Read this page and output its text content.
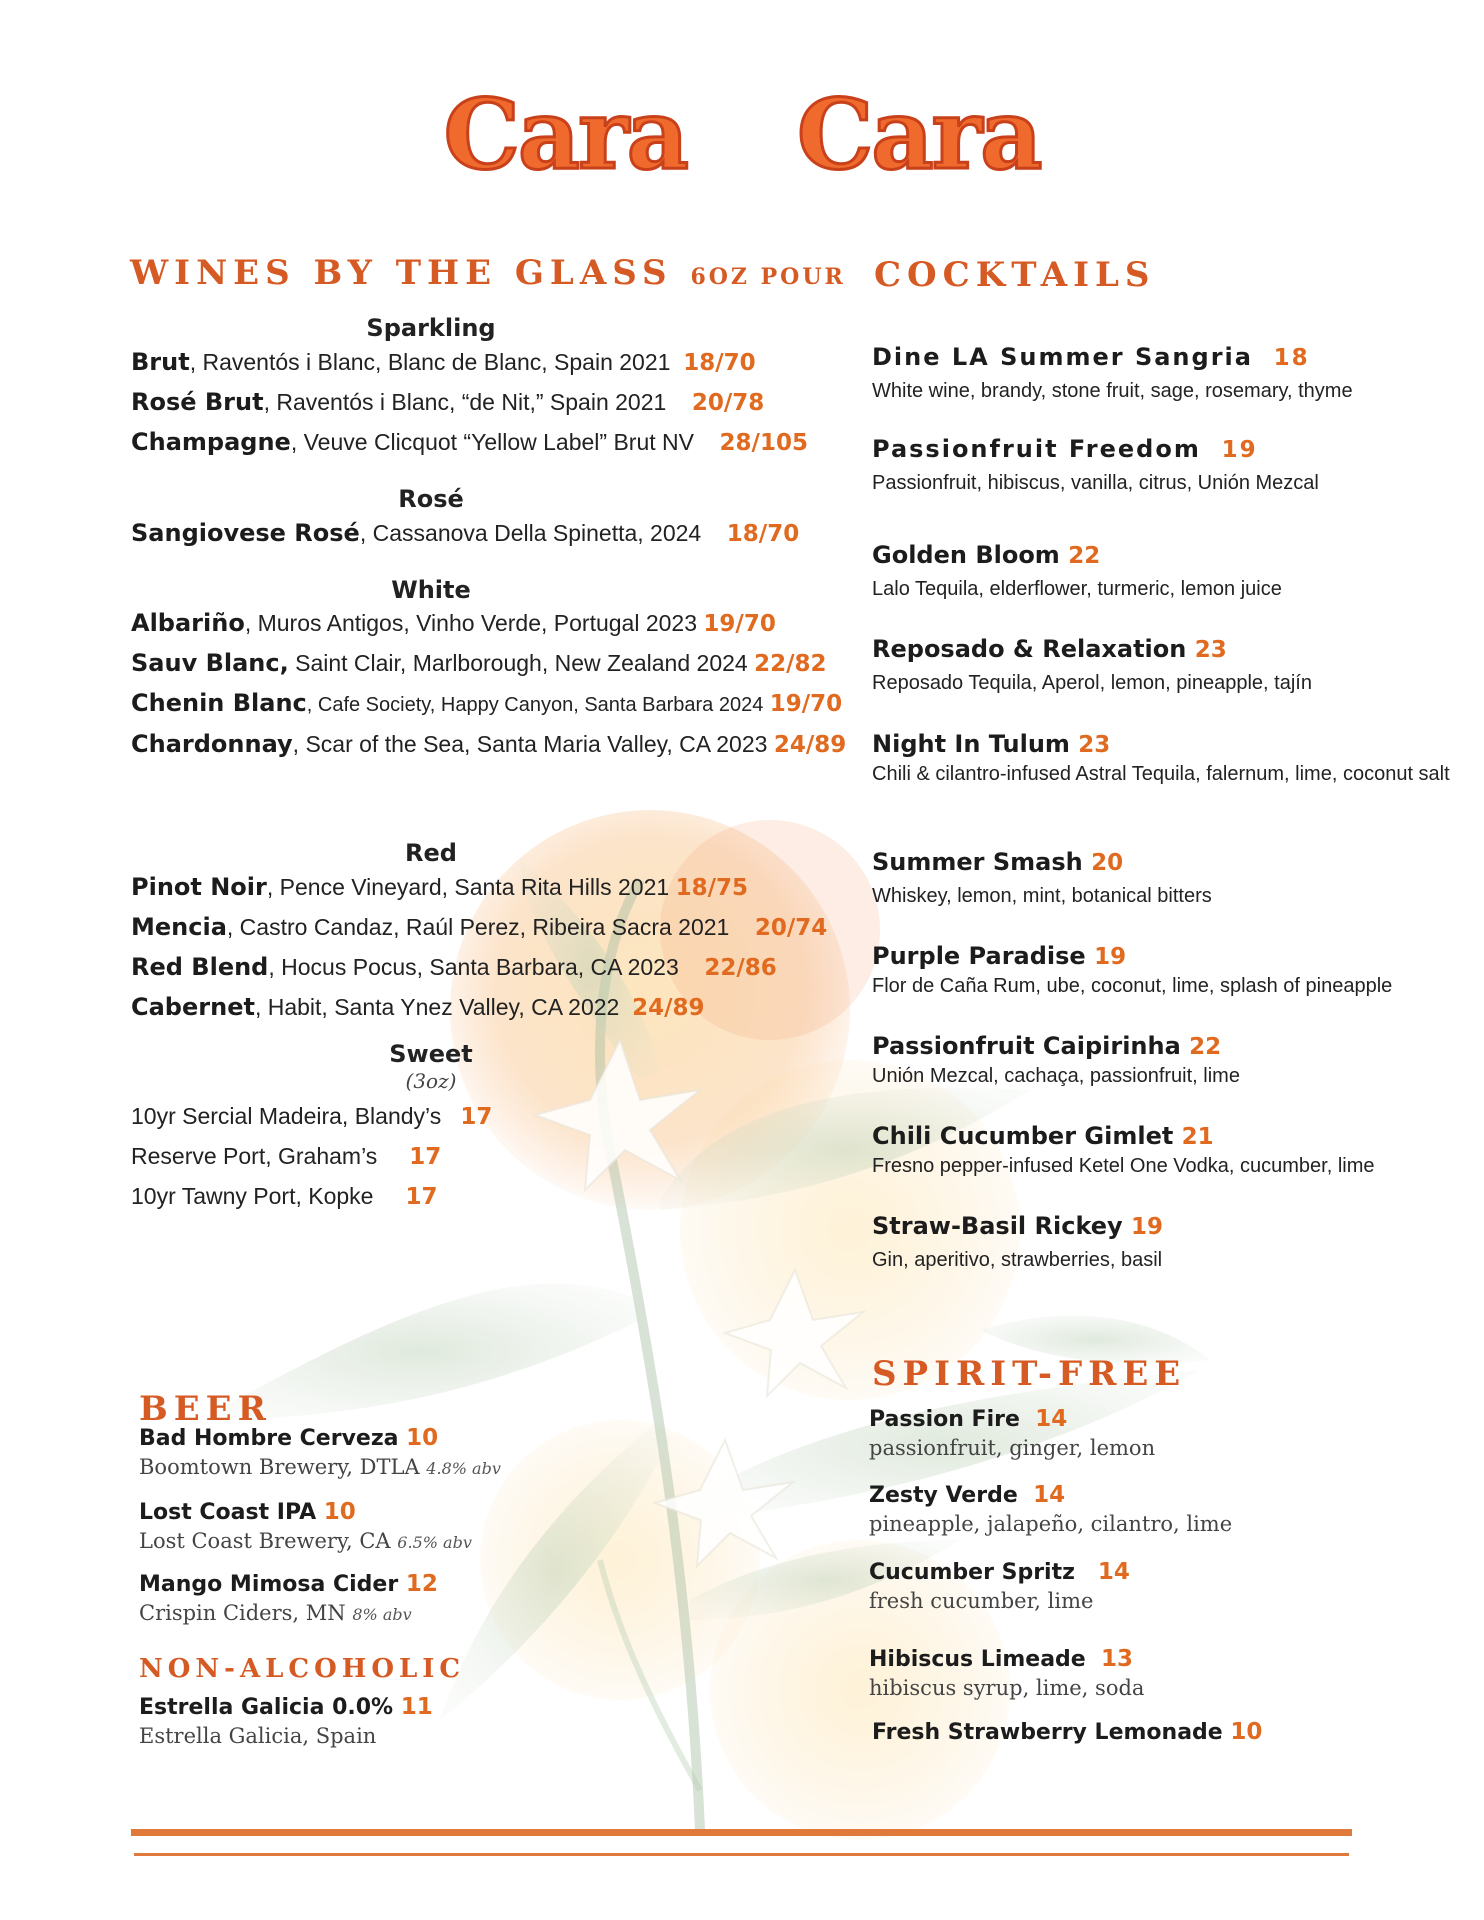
Cara Cara
WINES BY THE GLASS 6OZ POUR
Sparkling
Brut, Raventós i Blanc, Blanc de Blanc, Spain 2021 18/70
Rosé Brut, Raventós i Blanc, “de Nit,” Spain 2021 20/78
Champagne, Veuve Clicquot “Yellow Label” Brut NV 28/105
Rosé
Sangiovese Rosé, Cassanova Della Spinetta, 2024 18/70
White
Albariño, Muros Antigos, Vinho Verde, Portugal 2023 19/70
Sauv Blanc, Saint Clair, Marlborough, New Zealand 2024 22/82
Chenin Blanc, Cafe Society, Happy Canyon, Santa Barbara 2024 19/70
Chardonnay, Scar of the Sea, Santa Maria Valley, CA 2023 24/89
Red
Pinot Noir, Pence Vineyard, Santa Rita Hills 2021 18/75
Mencia, Castro Candaz, Raúl Perez, Ribeira Sacra 2021 20/74
Red Blend, Hocus Pocus, Santa Barbara, CA 2023 22/86
Cabernet, Habit, Santa Ynez Valley, CA 2022 24/89
Sweet
(3oz)
10yr Sercial Madeira, Blandy’s 17
Reserve Port, Graham’s 17
10yr Tawny Port, Kopke 17
COCKTAILS
Dine LA Summer Sangria 18
White wine, brandy, stone fruit, sage, rosemary, thyme
Passionfruit Freedom 19
Passionfruit, hibiscus, vanilla, citrus, Unión Mezcal
Golden Bloom 22
Lalo Tequila, elderflower, turmeric, lemon juice
Reposado & Relaxation 23
Reposado Tequila, Aperol, lemon, pineapple, tajín
Night In Tulum 23
Chili & cilantro-infused Astral Tequila, falernum, lime, coconut salt
Summer Smash 20
Whiskey, lemon, mint, botanical bitters
Purple Paradise 19
Flor de Caña Rum, ube, coconut, lime, splash of pineapple
Passionfruit Caipirinha 22
Unión Mezcal, cachaça, passionfruit, lime
Chili Cucumber Gimlet 21
Fresno pepper-infused Ketel One Vodka, cucumber, lime
Straw-Basil Rickey 19
Gin, aperitivo, strawberries, basil
BEER
Bad Hombre Cerveza 10
Boomtown Brewery, DTLA 4.8% abv
Lost Coast IPA 10
Lost Coast Brewery, CA 6.5% abv
Mango Mimosa Cider 12
Crispin Ciders, MN 8% abv
NON-ALCOHOLIC
Estrella Galicia 0.0% 11
Estrella Galicia, Spain
SPIRIT-FREE
Passion Fire 14
passionfruit, ginger, lemon
Zesty Verde 14
pineapple, jalapeño, cilantro, lime
Cucumber Spritz 14
fresh cucumber, lime
Hibiscus Limeade 13
hibiscus syrup, lime, soda
Fresh Strawberry Lemonade 10
